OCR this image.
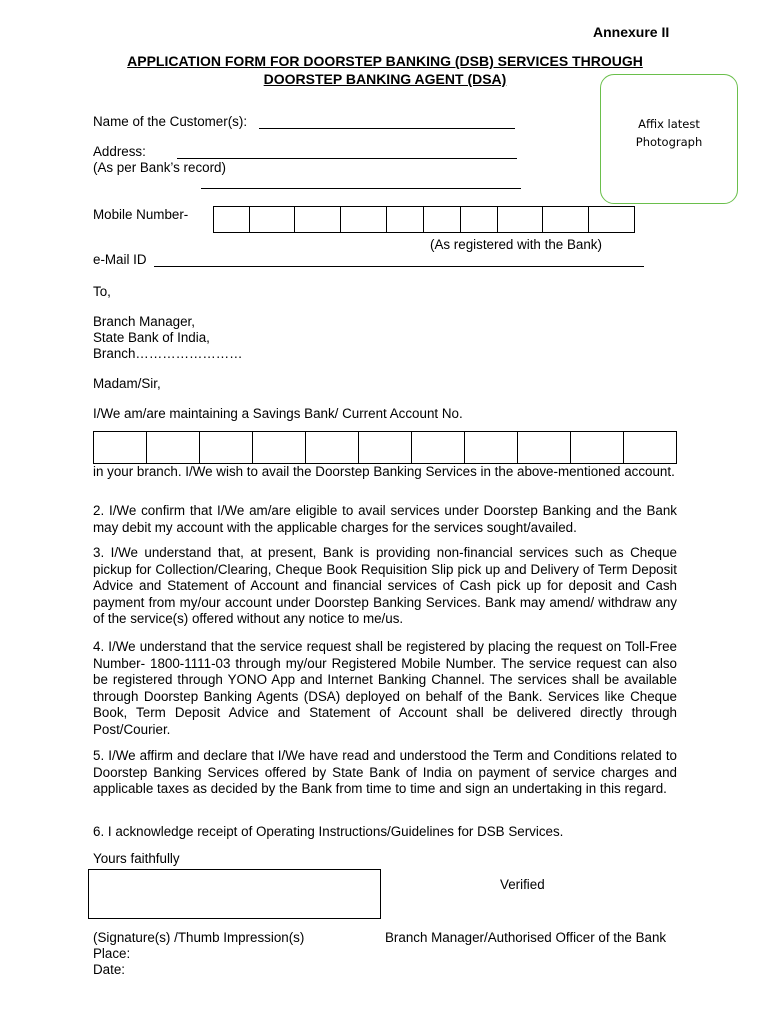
Annexure II
APPLICATION FORM FOR DOORSTEP BANKING (DSB) SERVICES THROUGH
DOORSTEP BANKING AGENT (DSA)
Affix latest
Photograph
Name of the Customer(s):
Address:
(As per Bank’s record)
Mobile Number-
(As registered with the Bank)
e-Mail ID
To,
Branch Manager,
State Bank of India,
Branch……………………
Madam/Sir,
I/We am/are maintaining a Savings Bank/ Current Account No.
in your branch. I/We wish to avail the Doorstep Banking Services in the above-mentioned account.
2. I/We confirm that I/We am/are eligible to avail services under Doorstep Banking and the Bank may debit my account with the applicable charges for the services sought/availed.
3. I/We understand that, at present, Bank is providing non-financial services such as Cheque pickup for Collection/Clearing, Cheque Book Requisition Slip pick up and Delivery of Term Deposit Advice and Statement of Account and financial services of Cash pick up for deposit and Cash payment from my/our account under Doorstep Banking Services. Bank may amend/ withdraw any of the service(s) offered without any notice to me/us.
4. I/We understand that the service request shall be registered by placing the request on Toll-Free Number- 1800-1111-03 through my/our Registered Mobile Number. The service request can also be registered through YONO App and Internet Banking Channel. The services shall be available through Doorstep Banking Agents (DSA) deployed on behalf of the Bank. Services like Cheque Book, Term Deposit Advice and Statement of Account shall be delivered directly through Post/Courier.
5. I/We affirm and declare that I/We have read and understood the Term and Conditions related to Doorstep Banking Services offered by State Bank of India on payment of service charges and applicable taxes as decided by the Bank from time to time and sign an undertaking in this regard.
6. I acknowledge receipt of Operating Instructions/Guidelines for DSB Services.
Yours faithfully
Verified
(Signature(s) /Thumb Impression(s)	Branch Manager/Authorised Officer of the Bank
Place:
Date:
